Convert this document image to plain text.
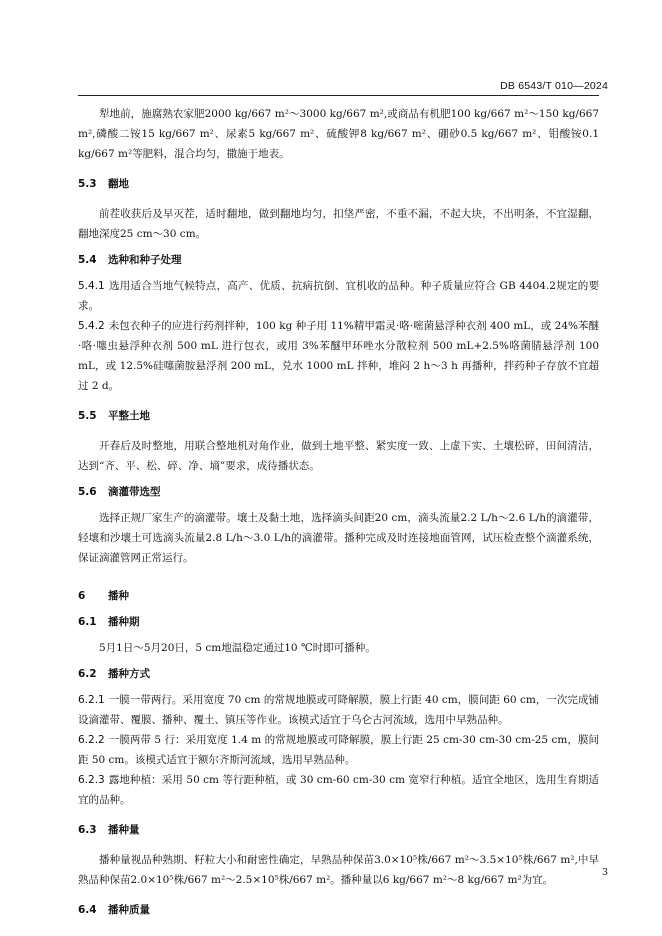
DB 6543/T 010—2024

犁地前，施腐熟农家肥2000 kg/667 m²～3000 kg/667 m²,或商品有机肥100 kg/667 m²～150 kg/667 m²,磷酸二铵15 kg/667 m²、尿素5 kg/667 m²、硫酸钾8 kg/667 m²、硼砂0.5 kg/667 m²、钼酸铵0.1 kg/667 m²等肥料，混合均匀，撒施于地表。

5.3 翻地

前茬收获后及早灭茬，适时翻地，做到翻地均匀，扣垡严密，不重不漏，不起大块，不出明条，不宜湿翻，翻地深度25 cm～30 cm。

5.4 选种和种子处理

5.4.1 选用适合当地气候特点，高产、优质、抗病抗倒、宜机收的品种。种子质量应符合 GB 4404.2规定的要求。

5.4.2 未包衣种子的应进行药剂拌种，100 kg 种子用 11%精甲霜灵·咯·嘧菌悬浮种衣剂 400 mL，或 24%苯醚·咯·噻虫悬浮种衣剂 500 mL 进行包衣，或用 3%苯醚甲环唑水分散粒剂 500 mL+2.5%咯菌腈悬浮剂 100 mL，或 12.5%硅噻菌胺悬浮剂 200 mL，兑水 1000 mL 拌种，堆闷 2 h～3 h 再播种，拌药种子存放不宜超过 2 d。

5.5 平整土地

开春后及时整地，用联合整地机对角作业，做到土地平整、紧实度一致、上虚下实、土壤松碎，田间清洁，达到“齐、平、松、碎、净、墒”要求，成待播状态。

5.6 滴灌带选型

选择正规厂家生产的滴灌带。壤土及黏土地，选择滴头间距20 cm，滴头流量2.2 L/h～2.6 L/h的滴灌带，轻壤和沙壤土可选滴头流量2.8 L/h～3.0 L/h的滴灌带。播种完成及时连接地面管网，试压检查整个滴灌系统，保证滴灌管网正常运行。

6 播种

6.1 播种期

5月1日～5月20日，5 cm地温稳定通过10 ℃时即可播种。

6.2 播种方式

6.2.1 一膜一带两行。采用宽度 70 cm 的常规地膜或可降解膜，膜上行距 40 cm，膜间距 60 cm，一次完成铺设滴灌带、覆膜、播种、覆土、镇压等作业。该模式适宜于乌仑古河流域，选用中早熟品种。

6.2.2 一膜两带 5 行：采用宽度 1.4 m 的常规地膜或可降解膜，膜上行距 25 cm-30 cm-30 cm-25 cm，膜间距 50 cm。该模式适宜于额尔齐斯河流域，选用早熟品种。

6.2.3 露地种植：采用 50 cm 等行距种植，或 30 cm-60 cm-30 cm 宽窄行种植。适宜全地区，选用生育期适宜的品种。

6.3 播种量

播种量视品种熟期、籽粒大小和耐密性确定，早熟品种保苗3.0×10⁵株/667 m²～3.5×10⁵株/667 m²,中早熟品种保苗2.0×10⁵株/667 m²～2.5×10⁵株/667 m²。播种量以6 kg/667 m²～8 kg/667 m²为宜。

6.4 播种质量

3
